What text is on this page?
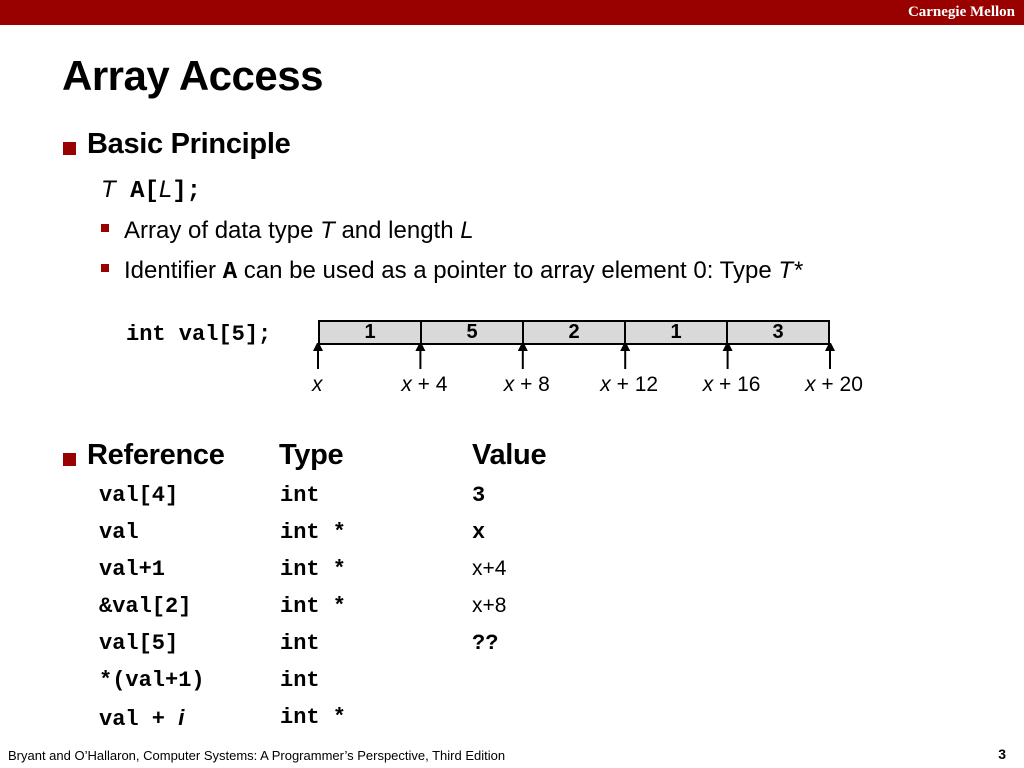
Carnegie Mellon
Array Access
Basic Principle
T A[L];
Array of data type T and length L
Identifier A can be used as a pointer to array element 0: Type T*
int val[5];	1	5	2	1	3
x	x + 4	x + 8 x + 12 x + 16 x + 20
Reference Type	Value
val[4]	int	3
val	int *	x
val+1	int *	x+4
&val[2]	int *	x+8
val[5]	int	??
*(val+1)	int
val + i	int *
Bryant and O’Hallaron, Computer Systems: A Programmer’s Perspective, Third Edition	3
